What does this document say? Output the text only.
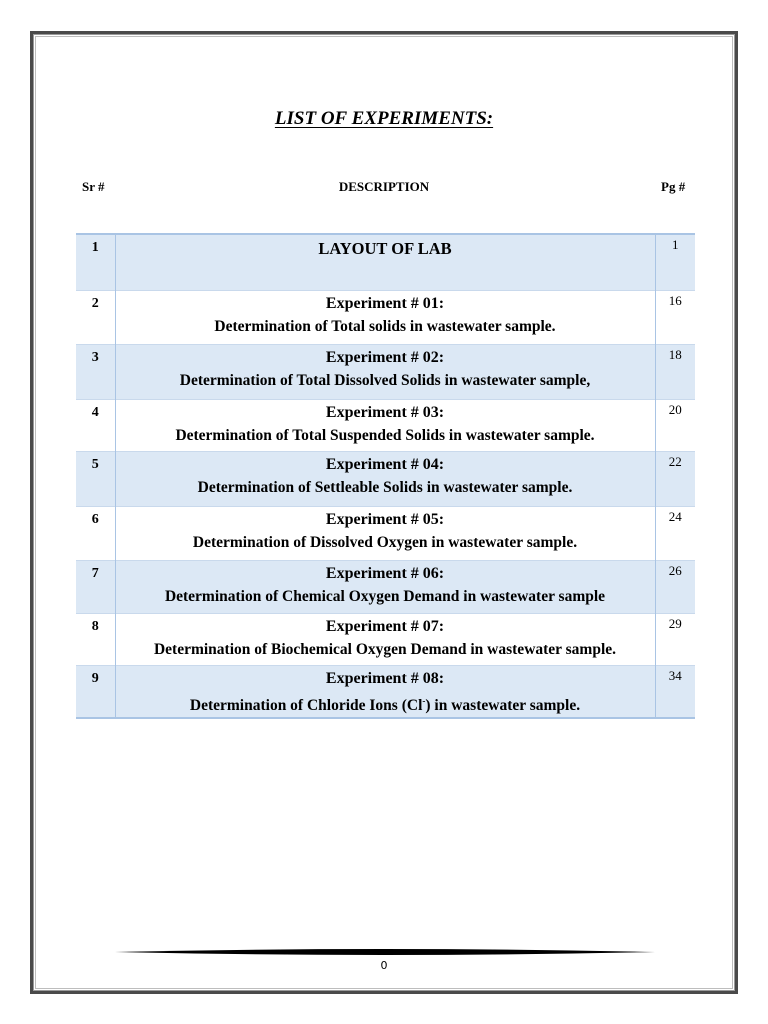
LIST OF EXPERIMENTS:
Sr #	DESCRIPTION	Pg #
1	LAYOUT OF LAB	1
2	Experiment # 01:
Determination of Total solids in wastewater sample.	16
3	Experiment # 02:
Determination of Total Dissolved Solids in wastewater sample,	18
4	Experiment # 03:
Determination of Total Suspended Solids in wastewater sample.	20
5	Experiment # 04:
Determination of Settleable Solids in wastewater sample.	22
6	Experiment # 05:
Determination of Dissolved Oxygen in wastewater sample.	24
7	Experiment # 06:
Determination of Chemical Oxygen Demand in wastewater sample	26
8	Experiment # 07:
Determination of Biochemical Oxygen Demand in wastewater sample.	29
9	Experiment # 08:
Determination of Chloride Ions (Cl-) in wastewater sample.	34
0
